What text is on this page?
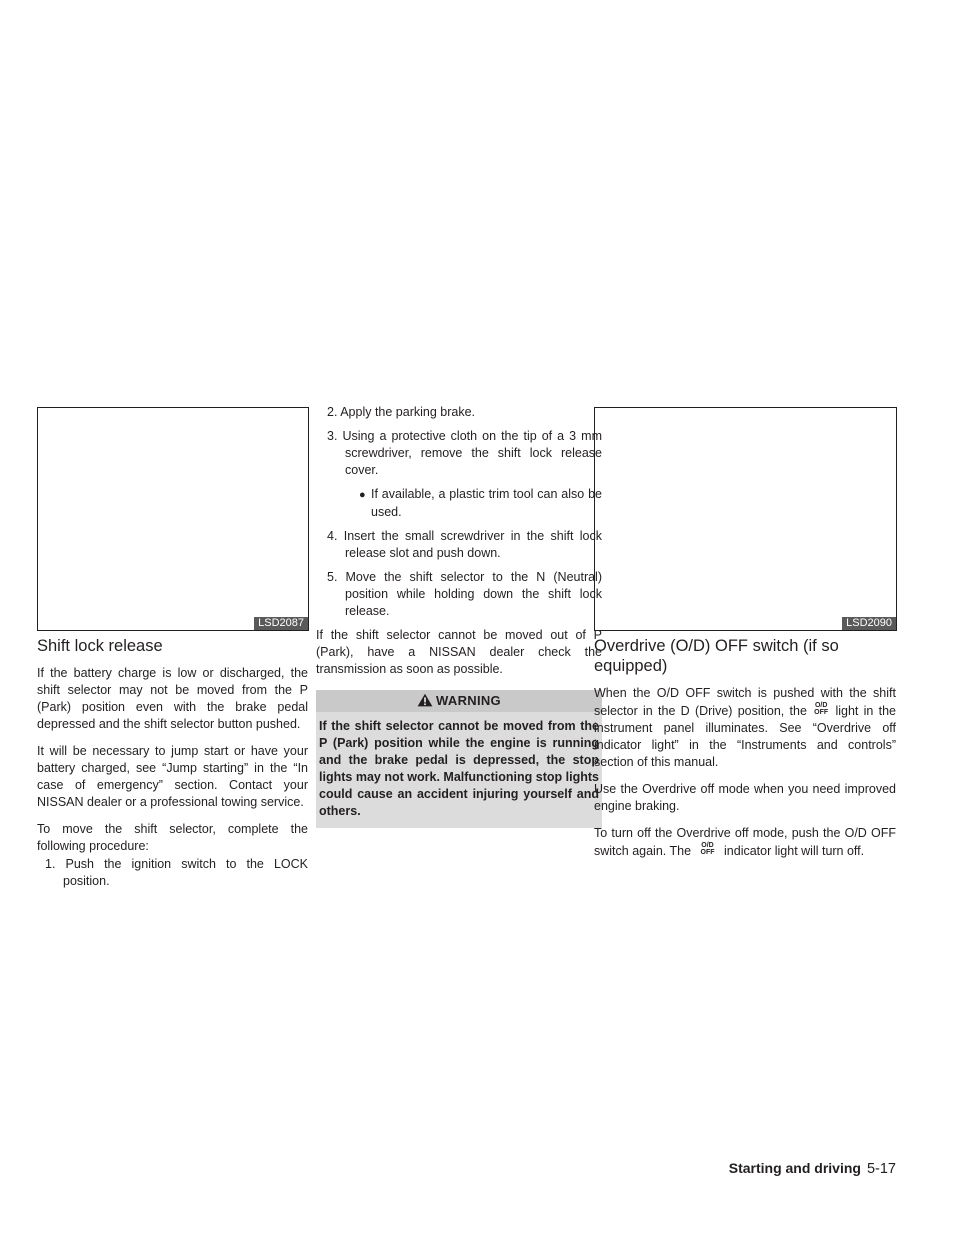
LSD2087	LSD2090
Shift lock release

If the battery charge is low or discharged, the shift selector may not be moved from the P (Park) position even with the brake pedal depressed and the shift selector button pushed.

It will be necessary to jump start or have your battery charged, see “Jump starting” in the “In case of emergency” section. Contact your NISSAN dealer or a professional towing service.

To move the shift selector, complete the following procedure:

1. Push the ignition switch to the LOCK position.
2. Apply the parking brake.
3. Using a protective cloth on the tip of a 3 mm screwdriver, remove the shift lock release cover.
● If available, a plastic trim tool can also be used.
4. Insert the small screwdriver in the shift lock release slot and push down.
5. Move the shift selector to the N (Neutral) position while holding down the shift lock release.

If the shift selector cannot be moved out of P (Park), have a NISSAN dealer check the transmission as soon as possible.

WARNING
If the shift selector cannot be moved from the P (Park) position while the engine is running and the brake pedal is depressed, the stop lights may not work. Malfunctioning stop lights could cause an accident injuring yourself and others.
Overdrive (O/D) OFF switch (if so equipped)

When the O/D OFF switch is pushed with the shift selector in the D (Drive) position, the	O/D
OFF light in the instrument panel illuminates. See “Overdrive off indicator light” in the “Instruments and controls” section of this manual.

Use the Overdrive off mode when you need improved engine braking.

To turn off the Overdrive off mode, push the O/D OFF switch again. The	O/D
OFF indicator light will turn off.

Starting and driving 5-17
